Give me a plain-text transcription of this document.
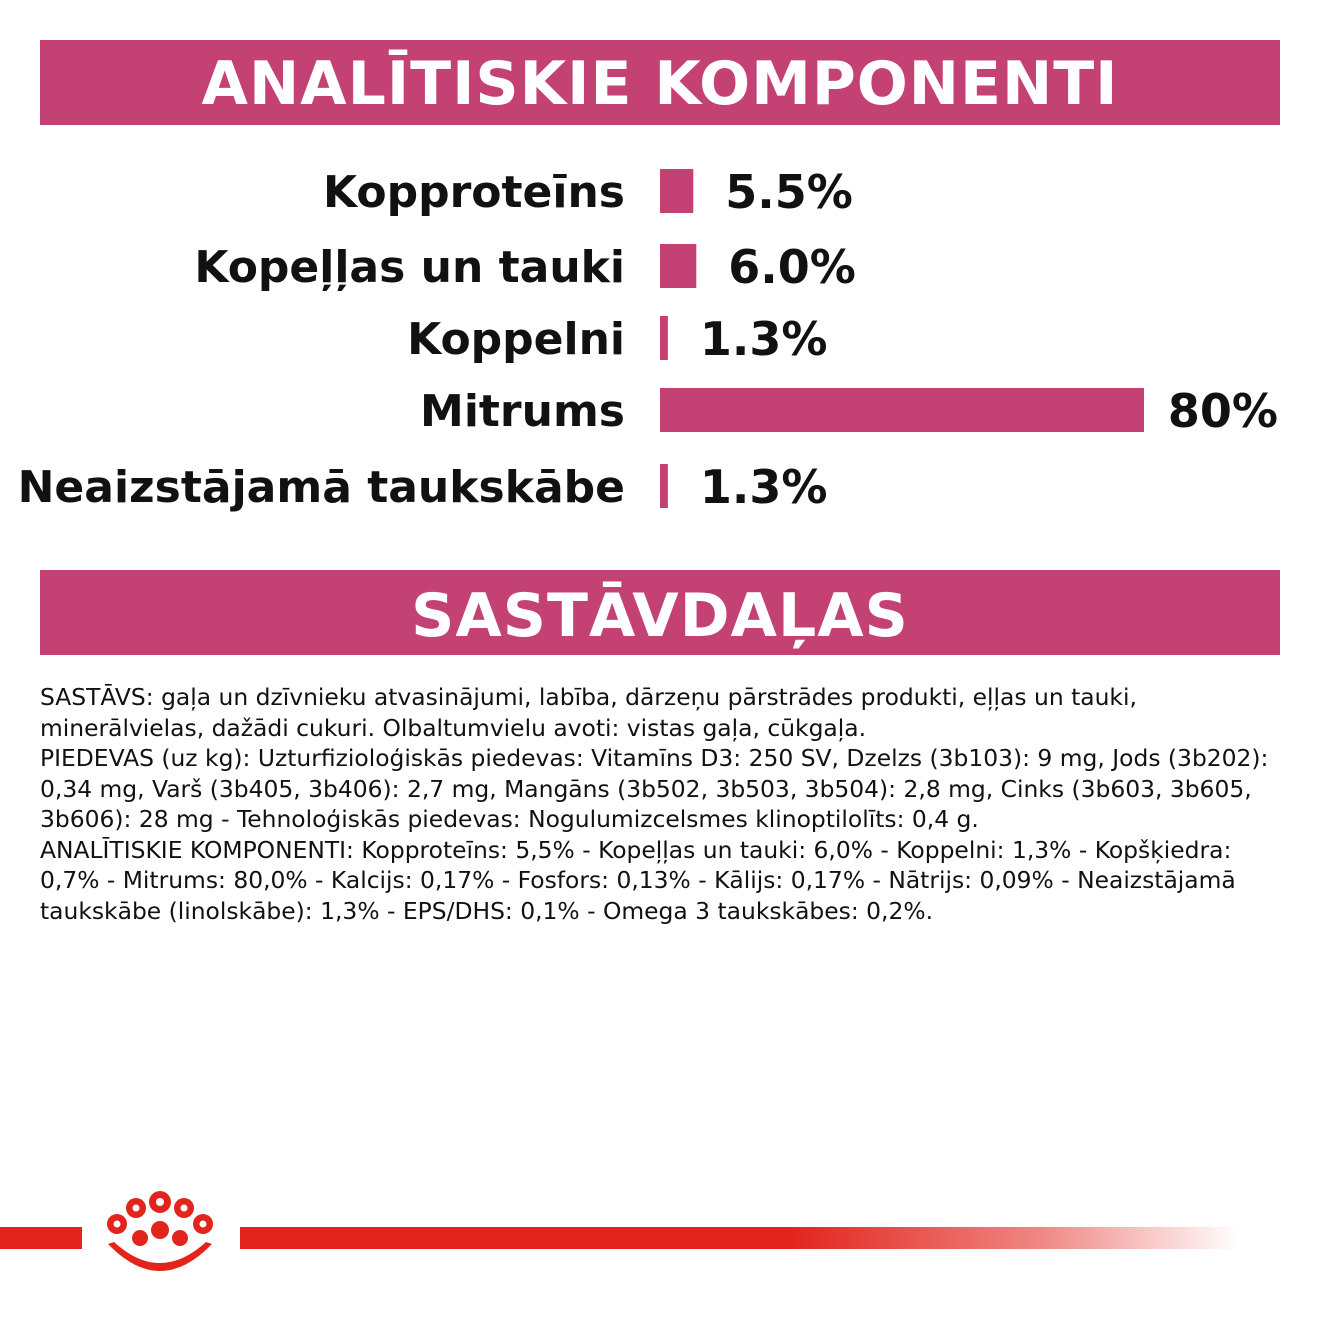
ANALĪTISKIE KOMPONENTI
Kopproteīns 5.5%
Kopeļļas un tauki 6.0%
Koppelni 1.3%
Mitrums	80%
Neaizstājamā taukskābe 1.3%
SASTĀVDAĻAS
SASTĀVS: gaļa un dzīvnieku atvasinājumi, labība, dārzeņu pārstrādes produkti, eļļas un tauki,
minerālvielas, dažādi cukuri. Olbaltumvielu avoti: vistas gaļa, cūkgaļa.
PIEDEVAS (uz kg): Uzturfizioloģiskās piedevas: Vitamīns D3: 250 SV, Dzelzs (3b103): 9 mg, Jods (3b202):
0,34 mg, Varš (3b405, 3b406): 2,7 mg, Mangāns (3b502, 3b503, 3b504): 2,8 mg, Cinks (3b603, 3b605,
3b606): 28 mg - Tehnoloģiskās piedevas: Nogulumizcelsmes klinoptilolīts: 0,4 g.
ANALĪTISKIE KOMPONENTI: Kopproteīns: 5,5% - Kopeļļas un tauki: 6,0% - Koppelni: 1,3% - Kopšķiedra:
0,7% - Mitrums: 80,0% - Kalcijs: 0,17% - Fosfors: 0,13% - Kālijs: 0,17% - Nātrijs: 0,09% - Neaizstājamā
taukskābe (linolskābe): 1,3% - EPS/DHS: 0,1% - Omega 3 taukskābes: 0,2%.
